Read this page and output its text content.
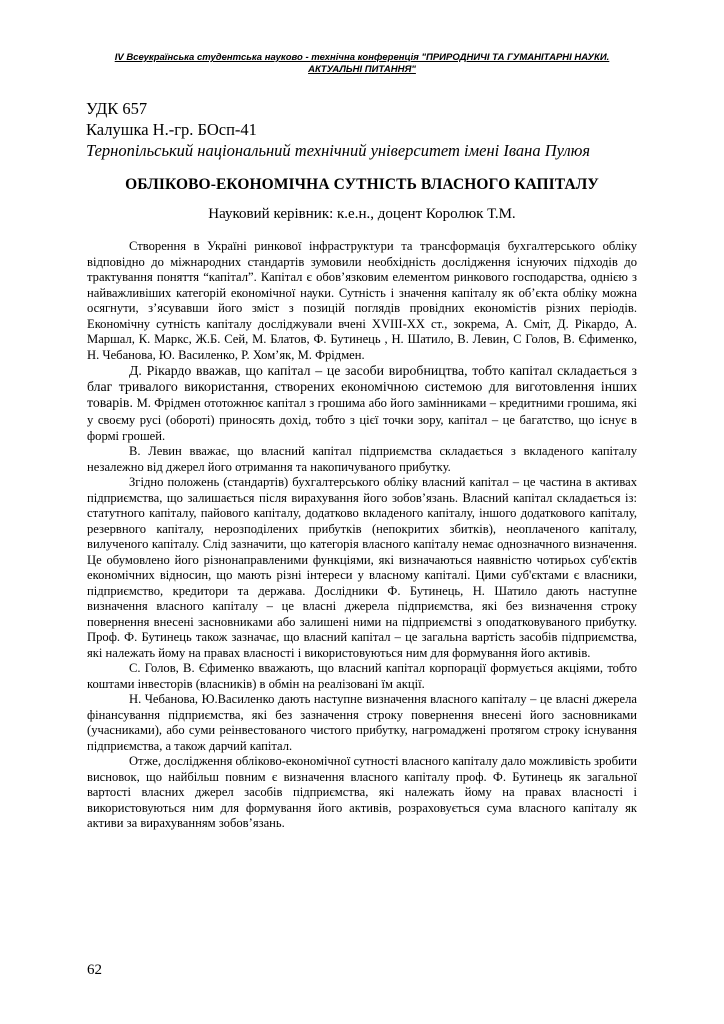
IV Всеукраїнська студентська науково - технічна конференція "ПРИРОДНИЧІ ТА ГУМАНІТАРНІ НАУКИ.
АКТУАЛЬНІ ПИТАННЯ"
УДК 657
Калушка Н.-гр. БОсп-41
Тернопільський національний технічний університет імені Івана Пулюя
ОБЛІКОВО-ЕКОНОМІЧНА СУТНІСТЬ ВЛАСНОГО КАПІТАЛУ
Науковий керівник: к.е.н., доцент Королюк Т.М.

Створення в Україні ринкової інфраструктури та трансформація бухгалтерського обліку відповідно до міжнародних стандартів зумовили необхідність дослідження існуючих підходів до трактування поняття “капітал”. Капітал є обов’язковим елементом ринкового господарства, однією з найважливіших категорій економічної науки. Сутність і значення капіталу як об’єкта обліку можна осягнути, з’ясувавши його зміст з позицій поглядів провідних економістів різних періодів. Економічну сутність капіталу досліджували вчені XVIII-XX ст., зокрема, А. Сміт, Д. Рікардо, А. Маршал, К. Маркс, Ж.Б. Сей, М. Блатов, Ф. Бутинець , Н. Шатило, В. Левин, С Голов, В. Єфименко, Н. Чебанова, Ю. Василенко, Р. Хом’як, М. Фрідмен.

Д. Рікардо вважав, що капітал – це засоби виробництва, тобто капітал складається з благ тривалого використання, створених економічною системою для виготовлення інших товарів. М. Фрідмен ототожнює капітал з грошима або його замінниками – кредитними грошима, які у своєму русі (обороті) приносять дохід, тобто з цієї точки зору, капітал – це багатство, що існує в формі грошей.

В. Левин вважає, що власний капітал підприємства складається з вкладеного капіталу незалежно від джерел його отримання та накопичуваного прибутку.

Згідно положень (стандартів) бухгалтерського обліку власний капітал – це частина в активах підприємства, що залишається після вирахування його зобов’язань. Власний капітал складається із: статутного капіталу, пайового капіталу, додатково вкладеного капіталу, іншого додаткового капіталу, резервного капіталу, нерозподілених прибутків (непокритих збитків), неоплаченого капіталу, вилученого капіталу. Слід зазначити, що категорія власного капіталу немає однозначного визначення. Це обумовлено його різнонаправленими функціями, які визначаються наявністю чотирьох суб'єктів економічних відносин, що мають різні інтереси у власному капіталі. Цими суб'єктами є власники, підприємство, кредитори та держава. Дослідники Ф. Бутинець, Н. Шатило дають наступне визначення власного капіталу – це власні джерела підприємства, які без визначення строку повернення внесені засновниками або залишені ними на підприємстві з оподатковуваного прибутку. Проф. Ф. Бутинець також зазначає, що власний капітал – це загальна вартість засобів підприємства, які належать йому на правах власності і використовуються ним для формування його активів.

С. Голов, В. Єфименко вважають, що власний капітал корпорації формується акціями, тобто коштами інвесторів (власників) в обмін на реалізовані їм акції.

Н. Чебанова, Ю.Василенко дають наступне визначення власного капіталу – це власні джерела фінансування підприємства, які без зазначення строку повернення внесені його засновниками (учасниками), або суми реінвестованого чистого прибутку, нагромаджені протягом строку існування підприємства, а також дарчий капітал.

Отже, дослідження обліково-економічної сутності власного капіталу дало можливість зробити висновок, що найбільш повним є визначення власного капіталу проф. Ф. Бутинець як загальної вартості власних джерел засобів підприємства, які належать йому на правах власності і використовуються ним для формування його активів, розраховується сума власного капіталу як активи за вирахуванням зобов’язань.

62
